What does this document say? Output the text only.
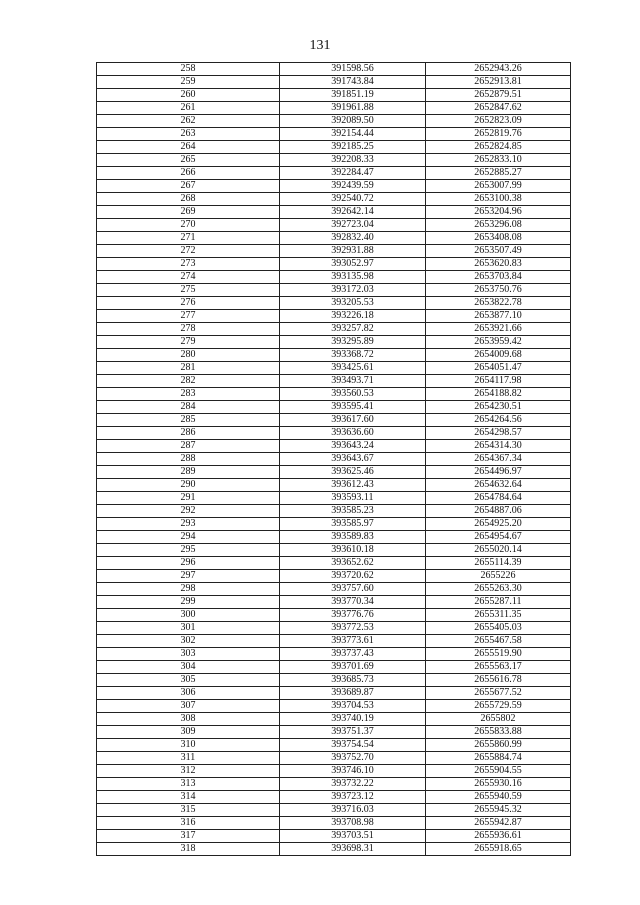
131
258	391598.56	2652943.26
259	391743.84	2652913.81
260	391851.19	2652879.51
261	391961.88	2652847.62
262	392089.50	2652823.09
263	392154.44	2652819.76
264	392185.25	2652824.85
265	392208.33	2652833.10
266	392284.47	2652885.27
267	392439.59	2653007.99
268	392540.72	2653100.38
269	392642.14	2653204.96
270	392723.04	2653296.08
271	392832.40	2653408.08
272	392931.88	2653507.49
273	393052.97	2653620.83
274	393135.98	2653703.84
275	393172.03	2653750.76
276	393205.53	2653822.78
277	393226.18	2653877.10
278	393257.82	2653921.66
279	393295.89	2653959.42
280	393368.72	2654009.68
281	393425.61	2654051.47
282	393493.71	2654117.98
283	393560.53	2654188.82
284	393595.41	2654230.51
285	393617.60	2654264.56
286	393636.60	2654298.57
287	393643.24	2654314.30
288	393643.67	2654367.34
289	393625.46	2654496.97
290	393612.43	2654632.64
291	393593.11	2654784.64
292	393585.23	2654887.06
293	393585.97	2654925.20
294	393589.83	2654954.67
295	393610.18	2655020.14
296	393652.62	2655114.39
297	393720.62	2655226
298	393757.60	2655263.30
299	393770.34	2655287.11
300	393776.76	2655311.35
301	393772.53	2655405.03
302	393773.61	2655467.58
303	393737.43	2655519.90
304	393701.69	2655563.17
305	393685.73	2655616.78
306	393689.87	2655677.52
307	393704.53	2655729.59
308	393740.19	2655802
309	393751.37	2655833.88
310	393754.54	2655860.99
311	393752.70	2655884.74
312	393746.10	2655904.55
313	393732.22	2655930.16
314	393723.12	2655940.59
315	393716.03	2655945.32
316	393708.98	2655942.87
317	393703.51	2655936.61
318	393698.31	2655918.65
